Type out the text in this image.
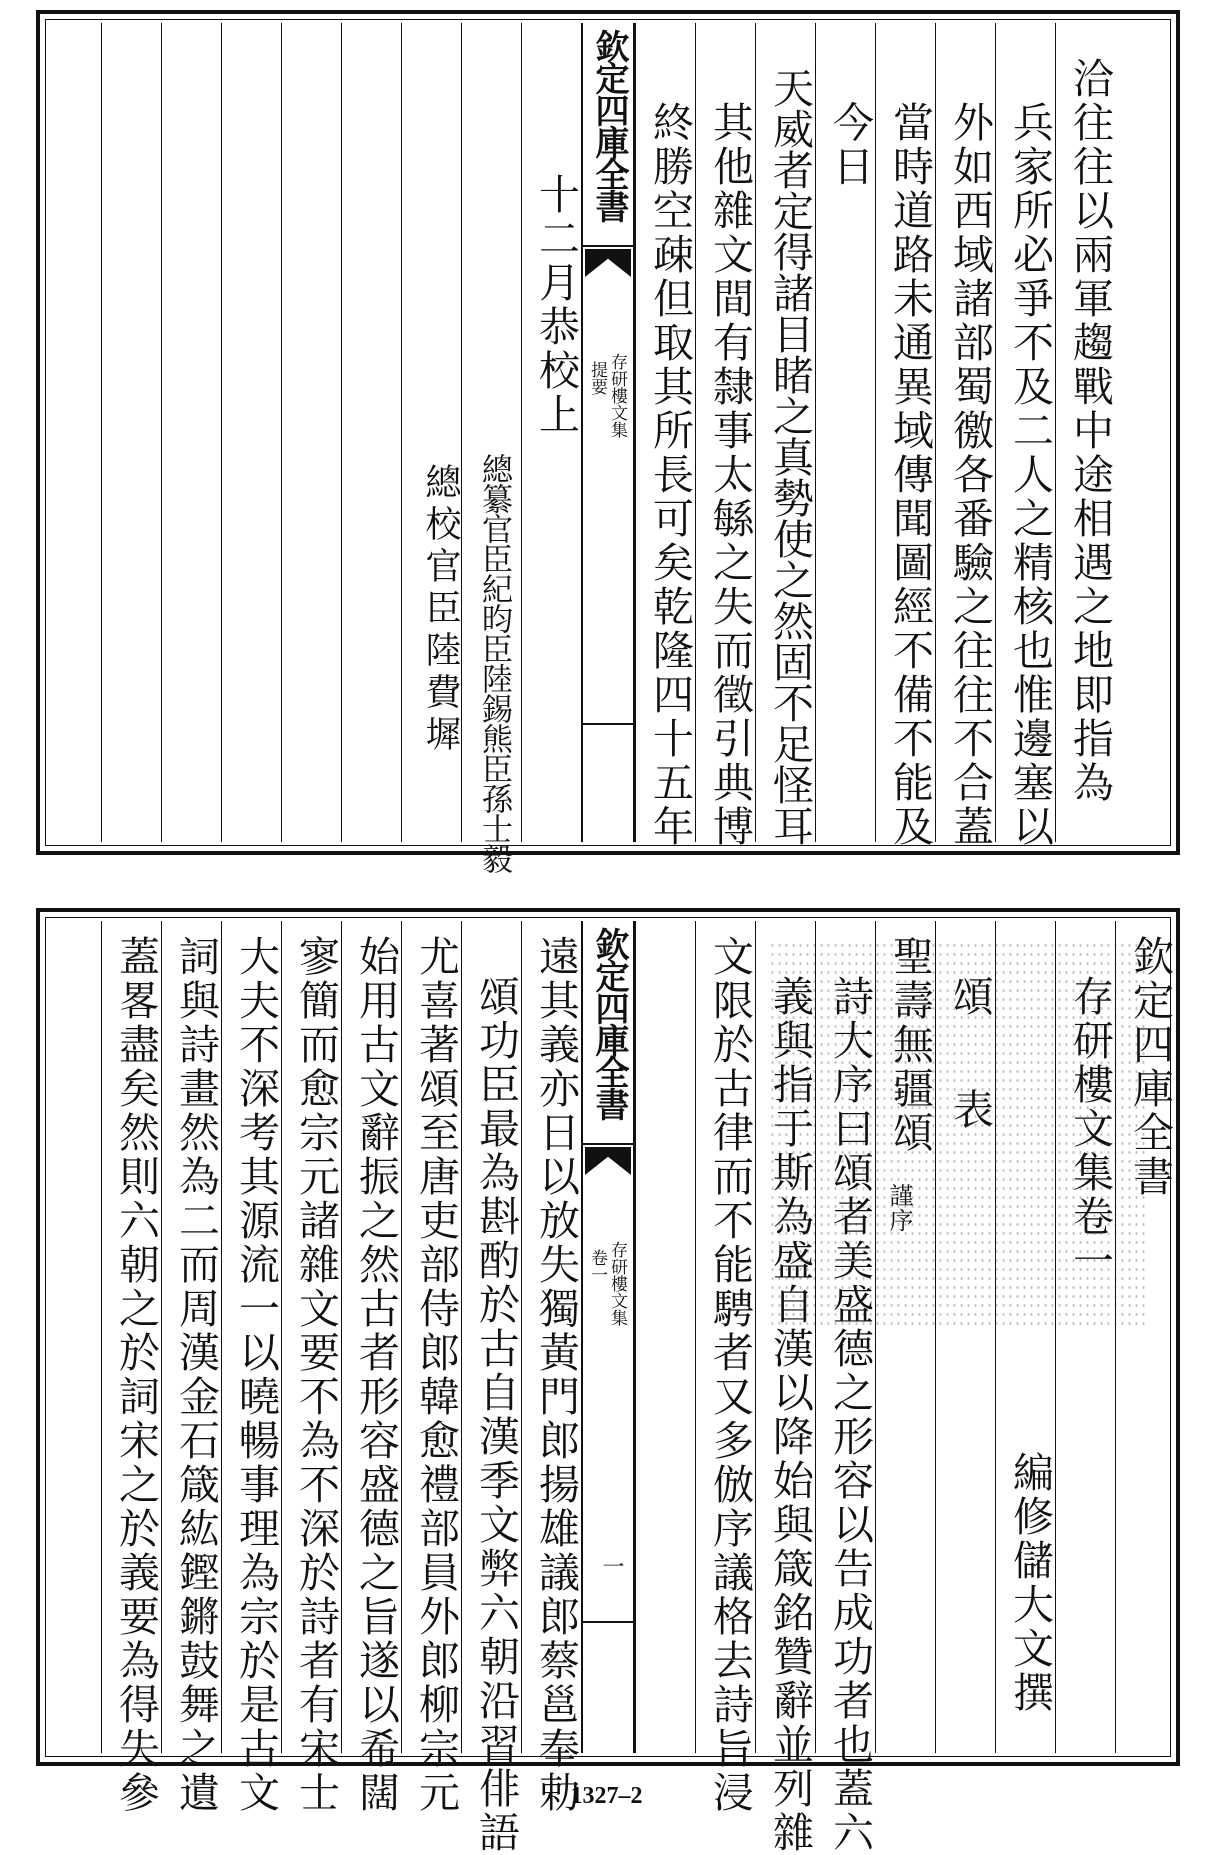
洽往往以兩軍趨戰中途相遇之地即指為
兵家所必爭不及二人之精核也惟邊塞以
外如西域諸部蜀徼各番驗之往往不合蓋
當時道路未通異域傳聞圖經不備不能及
今日
天威者定得諸目睹之真勢使之然固不足怪耳
其他雜文間有隸事太緐之失而徵引典博
終勝空疎但取其所長可矣乾隆四十五年
欽定四庫全書
存研樓文集
提要
十二月恭校上
總纂官臣紀昀臣陸錫熊臣孫士毅
總校官臣陸費墀
欽定四庫全書
存研樓文集卷一
編修儲大文撰
頌 表
聖壽無疆頌
謹序
詩大序曰頌者美盛德之形容以告成功者也蓋六
義與指于斯為盛自漢以降始與箴銘贊辭並列雜
文限於古律而不能騁者又多倣序議格去詩旨浸
欽定四庫全書
存研樓文集
卷一
一
遠其義亦日以放失獨黃門郎揚雄議郎蔡邕奉勅
頌功臣最為斟酌於古自漢季文弊六朝沿習俳語
尤喜著頌至唐吏部侍郎韓愈禮部員外郎柳宗元
始用古文辭振之然古者形容盛德之旨遂以希闊
寥簡而愈宗元諸雜文要不為不深於詩者有宋士
大夫不深考其源流一以曉暢事理為宗於是古文
詞與詩畫然為二而周漢金石箴紘鏗鏘鼓舞之遺
蓋畧盡矣然則六朝之於詞宋之於義要為得失參	1327–2
